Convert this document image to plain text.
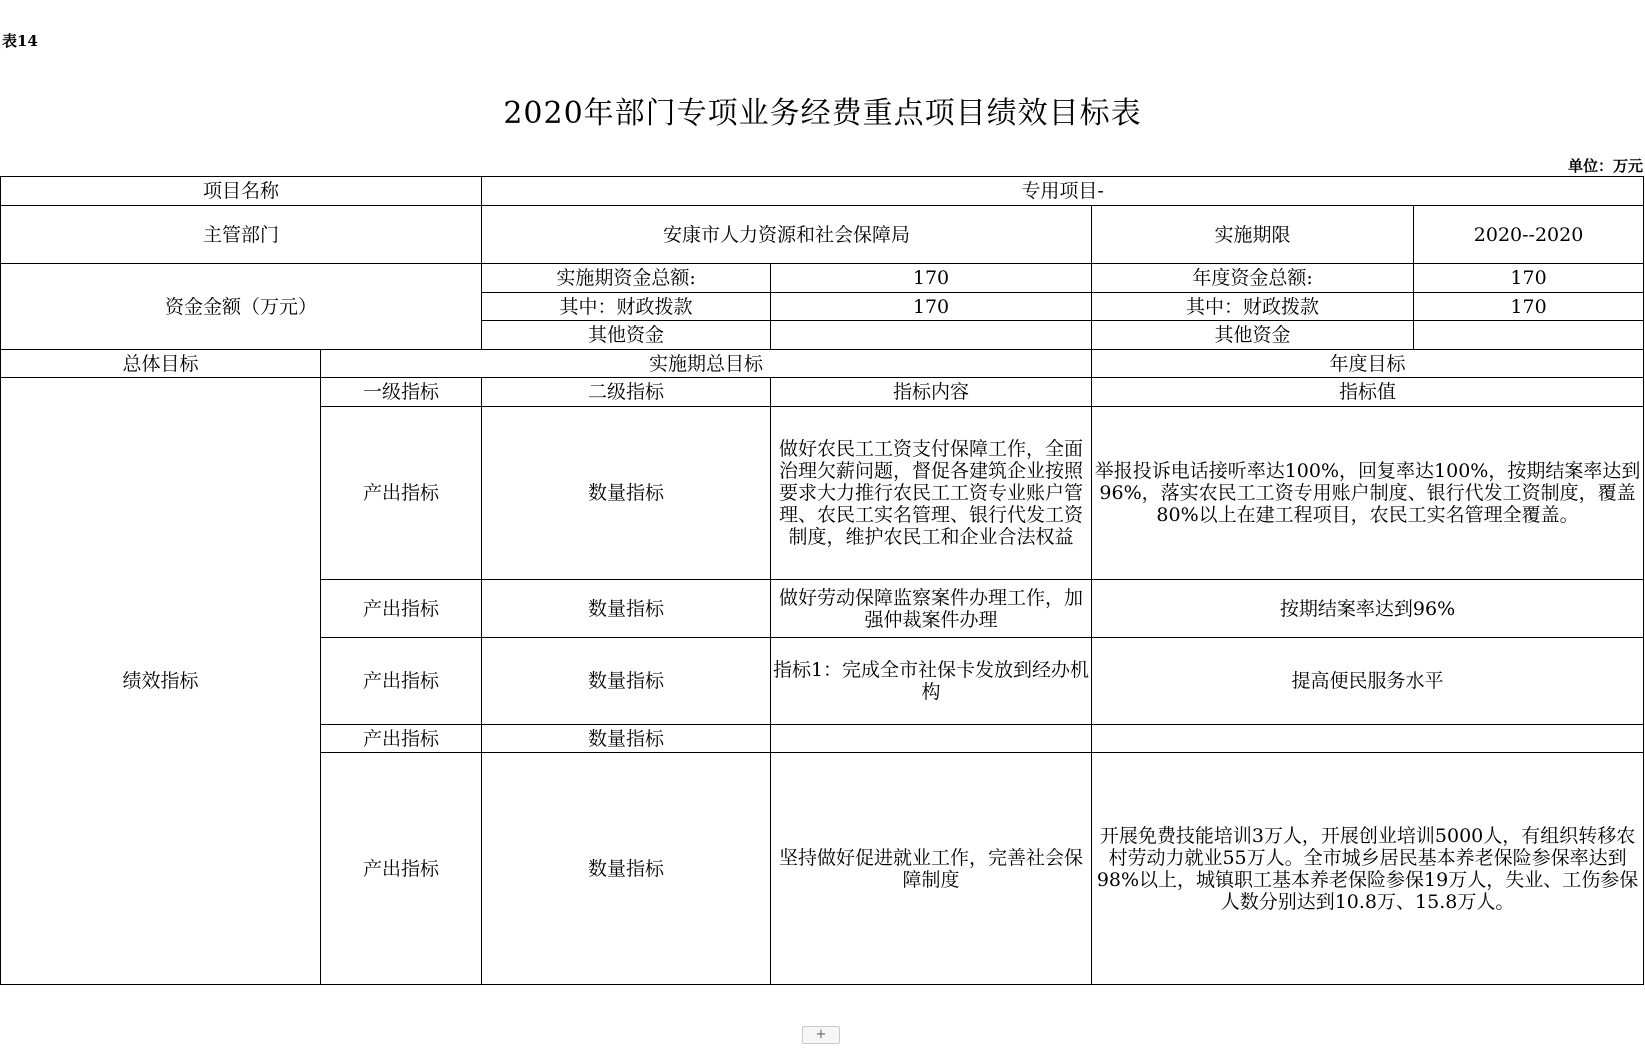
表14
2020年部门专项业务经费重点项目绩效目标表
单位：万元
项目名称		专用项目-			
主管部门		安康市人力资源和社会保障局		实施期限	2020--2020
资金金额（万元）		实施期资金总额:	170	年度资金总额:	170
		其中：财政拨款	170	其中：财政拨款	170
		其他资金		其他资金	
总体目标	实施期总目标			年度目标	
绩效指标	一级指标	二级指标	指标内容	指标值	
	产出指标	数量指标	做好农民工工资支付保障工作，全面治理欠薪问题，督促各建筑企业按照要求大力推行农民工工资专业账户管理、农民工实名管理、银行代发工资制度，维护农民工和企业合法权益	举报投诉电话接听率达100%，回复率达100%，按期结案率达到96%，落实农民工工资专用账户制度、银行代发工资制度，覆盖80%以上在建工程项目，农民工实名管理全覆盖。	
	产出指标	数量指标	做好劳动保障监察案件办理工作，加强仲裁案件办理	按期结案率达到96%	
	产出指标	数量指标	指标1：完成全市社保卡发放到经办机构	提高便民服务水平	
	产出指标	数量指标			
	产出指标	数量指标	坚持做好促进就业工作，完善社会保障制度	开展免费技能培训3万人，开展创业培训5000人，有组织转移农村劳动力就业55万人。全市城乡居民基本养老保险参保率达到98%以上，城镇职工基本养老保险参保19万人，失业、工伤参保人数分别达到10.8万、15.8万人。	
+
